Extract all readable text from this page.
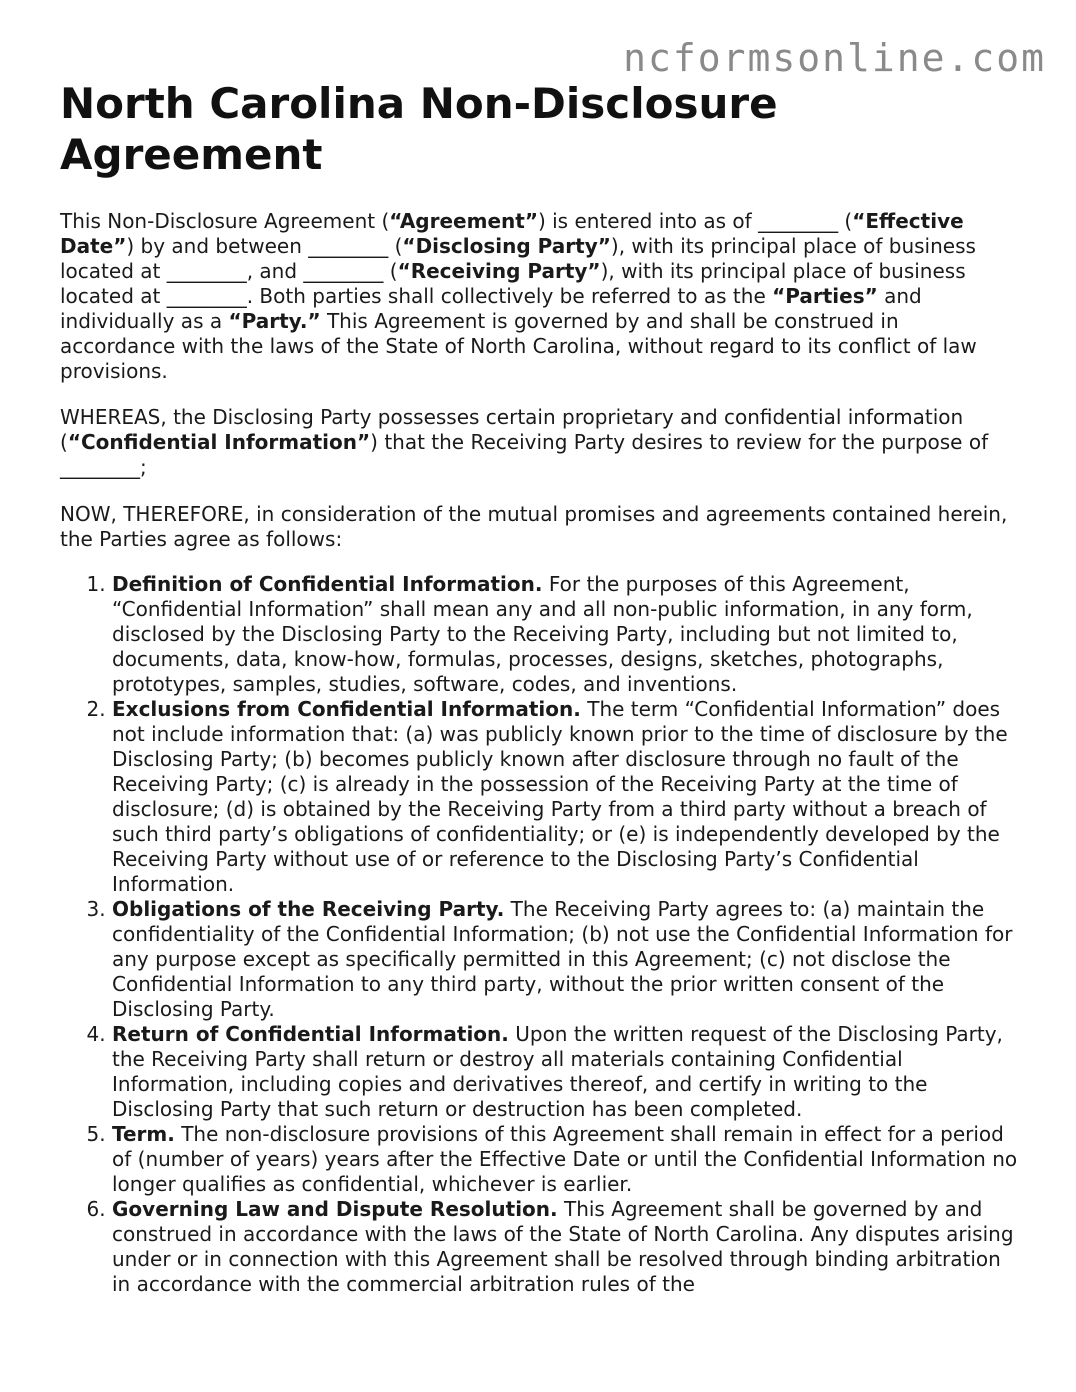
ncformsonline.com
North Carolina Non-Disclosure Agreement

This Non-Disclosure Agreement (“Agreement”) is entered into as of ________ (“Effective Date”) by and between ________ (“Disclosing Party”), with its principal place of business located at ________, and ________ (“Receiving Party”), with its principal place of business located at ________. Both parties shall collectively be referred to as the “Parties” and individually as a “Party.” This Agreement is governed by and shall be construed in accordance with the laws of the State of North Carolina, without regard to its conflict of law provisions.

WHEREAS, the Disclosing Party possesses certain proprietary and confidential information (“Confidential Information”) that the Receiving Party desires to review for the purpose of ________;

NOW, THEREFORE, in consideration of the mutual promises and agreements contained herein, the Parties agree as follows:

1. Definition of Confidential Information. For the purposes of this Agreement, “Confidential Information” shall mean any and all non-public information, in any form, disclosed by the Disclosing Party to the Receiving Party, including but not limited to, documents, data, know-how, formulas, processes, designs, sketches, photographs, prototypes, samples, studies, software, codes, and inventions.
2. Exclusions from Confidential Information. The term “Confidential Information” does not include information that: (a) was publicly known prior to the time of disclosure by the Disclosing Party; (b) becomes publicly known after disclosure through no fault of the Receiving Party; (c) is already in the possession of the Receiving Party at the time of disclosure; (d) is obtained by the Receiving Party from a third party without a breach of such third party’s obligations of confidentiality; or (e) is independently developed by the Receiving Party without use of or reference to the Disclosing Party’s Confidential Information.
3. Obligations of the Receiving Party. The Receiving Party agrees to: (a) maintain the confidentiality of the Confidential Information; (b) not use the Confidential Information for any purpose except as specifically permitted in this Agreement; (c) not disclose the Confidential Information to any third party, without the prior written consent of the Disclosing Party.
4. Return of Confidential Information. Upon the written request of the Disclosing Party, the Receiving Party shall return or destroy all materials containing Confidential Information, including copies and derivatives thereof, and certify in writing to the Disclosing Party that such return or destruction has been completed.
5. Term. The non-disclosure provisions of this Agreement shall remain in effect for a period of (number of years) years after the Effective Date or until the Confidential Information no longer qualifies as confidential, whichever is earlier.
6. Governing Law and Dispute Resolution. This Agreement shall be governed by and construed in accordance with the laws of the State of North Carolina. Any disputes arising under or in connection with this Agreement shall be resolved through binding arbitration in accordance with the commercial arbitration rules of the
